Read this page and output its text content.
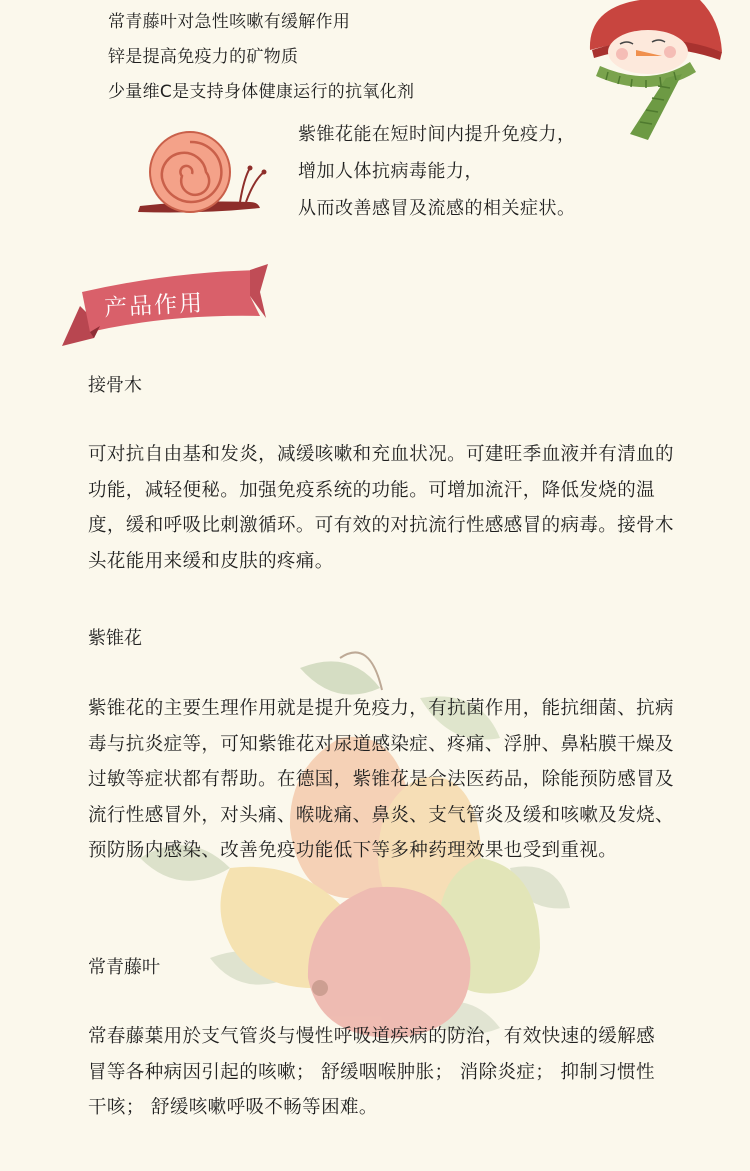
产品作用
常青藤叶对急性咳嗽有缓解作用
锌是提高免疫力的矿物质
少量维C是支持身体健康运行的抗氧化剂
紫锥花能在短时间内提升免疫力，
增加人体抗病毒能力，
从而改善感冒及流感的相关症状。
接骨木

可对抗自由基和发炎，减缓咳嗽和充血状况。可建旺季血液并有清血的功能，减轻便秘。加强免疫系统的功能。可增加流汗，降低发烧的温度，缓和呼吸比刺激循环。可有效的对抗流行性感感冒的病毒。接骨木头花能用来缓和皮肤的疼痛。

紫锥花

紫锥花的主要生理作用就是提升免疫力，有抗菌作用，能抗细菌、抗病毒与抗炎症等，可知紫锥花对尿道感染症、疼痛、浮肿、鼻粘膜干燥及过敏等症状都有帮助。在德国，紫锥花是合法医药品，除能预防感冒及流行性感冒外，对头痛、喉咙痛、鼻炎、支气管炎及缓和咳嗽及发烧、预防肠内感染、改善免疫功能低下等多种药理效果也受到重视。

常青藤叶

常春藤葉用於支气管炎与慢性呼吸道疾病的防治，有效快速的缓解感冒等各种病因引起的咳嗽； 舒缓咽喉肿胀； 消除炎症； 抑制习惯性干咳； 舒缓咳嗽呼吸不畅等困难。
